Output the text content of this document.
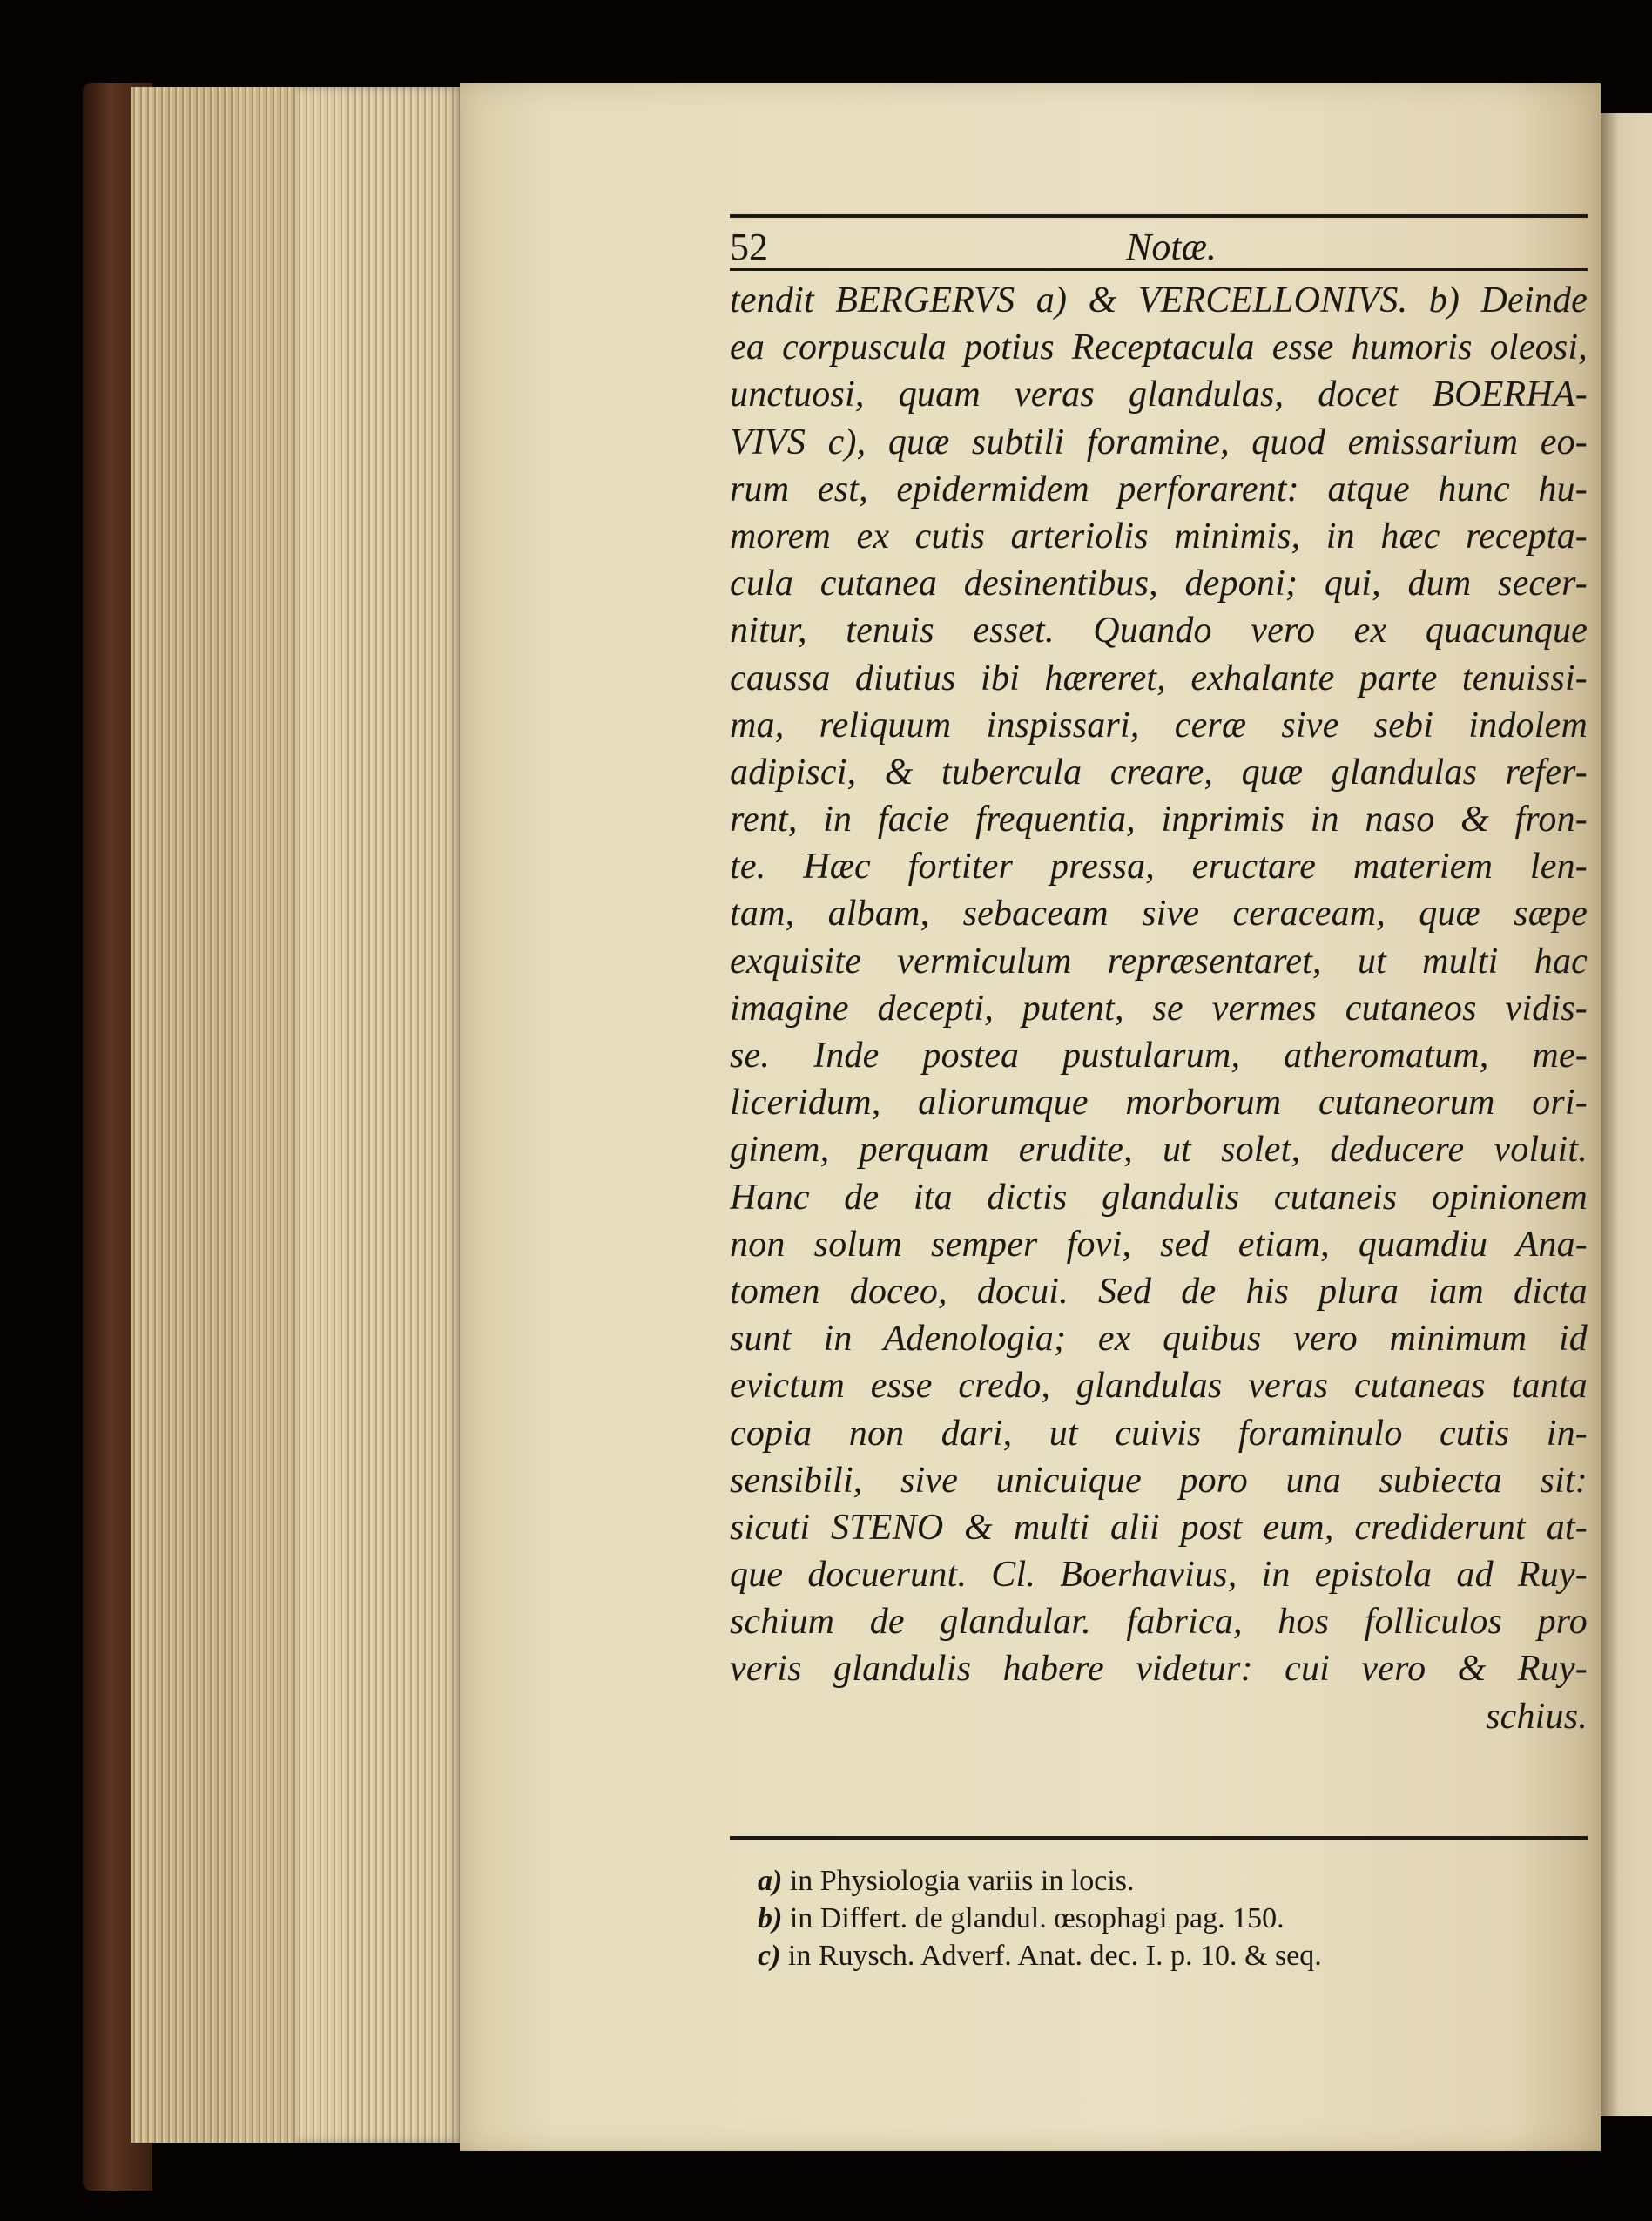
52	Notæ.
tendit BERGERVS a) & VERCELLONIVS. b) Deinde
ea corpuscula potius Receptacula esse humoris oleosi,
unctuosi, quam veras glandulas, docet BOERHA-
VIVS c), quæ subtili foramine, quod emissarium eo-
rum est, epidermidem perforarent: atque hunc hu-
morem ex cutis arteriolis minimis, in hæc recepta-
cula cutanea desinentibus, deponi; qui, dum secer-
nitur, tenuis esset. Quando vero ex quacunque
caussa diutius ibi hæreret, exhalante parte tenuissi-
ma, reliquum inspissari, ceræ sive sebi indolem
adipisci, & tubercula creare, quæ glandulas refer-
rent, in facie frequentia, inprimis in naso & fron-
te. Hæc fortiter pressa, eructare materiem len-
tam, albam, sebaceam sive ceraceam, quæ sæpe
exquisite vermiculum repræsentaret, ut multi hac
imagine decepti, putent, se vermes cutaneos vidis-
se. Inde postea pustularum, atheromatum, me-
liceridum, aliorumque morborum cutaneorum ori-
ginem, perquam erudite, ut solet, deducere voluit.
Hanc de ita dictis glandulis cutaneis opinionem
non solum semper fovi, sed etiam, quamdiu Ana-
tomen doceo, docui. Sed de his plura iam dicta
sunt in Adenologia; ex quibus vero minimum id
evictum esse credo, glandulas veras cutaneas tanta
copia non dari, ut cuivis foraminulo cutis in-
sensibili, sive unicuique poro una subiecta sit:
sicuti STENO & multi alii post eum, crediderunt at-
que docuerunt. Cl. Boerhavius, in epistola ad Ruy-
schium de glandular. fabrica, hos folliculos pro
veris glandulis habere videtur: cui vero & Ruy-
schius.
a) in Physiologia variis in locis.
b) in Differt. de glandul. œsophagi pag. 150.
c) in Ruysch. Adverf. Anat. dec. I. p. 10. & seq.
